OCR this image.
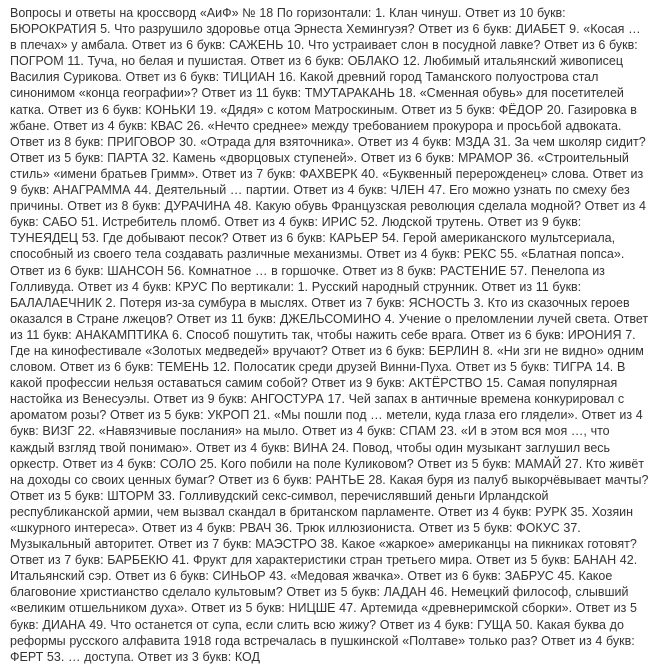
Вопросы и ответы на кроссворд «АиФ» № 18 По горизонтали: 1. Клан чинуш. Ответ из 10 букв: БЮРОКРАТИЯ 5. Что разрушило здоровье отца Эрнеста Хемингуэя? Ответ из 6 букв: ДИАБЕТ 9. «Косая … в плечах» у амбала. Ответ из 6 букв: САЖЕНЬ 10. Что устраивает слон в посудной лавке? Ответ из 6 букв: ПОГРОМ 11. Туча, но белая и пушистая. Ответ из 6 букв: ОБЛАКО 12. Любимый итальянский живописец Василия Сурикова. Ответ из 6 букв: ТИЦИАН 16. Какой древний город Таманского полуострова стал синонимом «конца географии»? Ответ из 11 букв: ТМУТАРАКАНЬ 18. «Сменная обувь» для посетителей катка. Ответ из 6 букв: КОНЬКИ 19. «Дядя» с котом Матроскиным. Ответ из 5 букв: ФЁДОР 20. Газировка в жбане. Ответ из 4 букв: КВАС 26. «Нечто среднее» между требованием прокурора и просьбой адвоката. Ответ из 8 букв: ПРИГОВОР 30. «Отрада для взяточника». Ответ из 4 букв: МЗДА 31. За чем школяр сидит? Ответ из 5 букв: ПАРТА 32. Камень «дворцовых ступеней». Ответ из 6 букв: МРАМОР 36. «Строительный стиль» «имени братьев Гримм». Ответ из 7 букв: ФАХВЕРК 40. «Буквенный перерожденец» слова. Ответ из 9 букв: АНАГРАММА 44. Деятельный … партии. Ответ из 4 букв: ЧЛЕН 47. Его можно узнать по смеху без причины. Ответ из 8 букв: ДУРАЧИНА 48. Какую обувь Французская революция сделала модной? Ответ из 4 букв: САБО 51. Истребитель пломб. Ответ из 4 букв: ИРИС 52. Людской трутень. Ответ из 9 букв: ТУНЕЯДЕЦ 53. Где добывают песок? Ответ из 6 букв: КАРЬЕР 54. Герой американского мультсериала, способный из своего тела создавать различные механизмы. Ответ из 4 букв: РЕКС 55. «Блатная попса». Ответ из 6 букв: ШАНСОН 56. Комнатное … в горшочке. Ответ из 8 букв: РАСТЕНИЕ 57. Пенелопа из Голливуда. Ответ из 4 букв: КРУС По вертикали: 1. Русский народный струнник. Ответ из 11 букв: БАЛАЛАЕЧНИК 2. Потеря из-за сумбура в мыслях. Ответ из 7 букв: ЯСНОСТЬ 3. Кто из сказочных героев оказался в Стране лжецов? Ответ из 11 букв: ДЖЕЛЬСОМИНО 4. Учение о преломлении лучей света. Ответ из 11 букв: АНАКАМПТИКА 6. Способ пошутить так, чтобы нажить себе врага. Ответ из 6 букв: ИРОНИЯ 7. Где на кинофестивале «Золотых медведей» вручают? Ответ из 6 букв: БЕРЛИН 8. «Ни зги не видно» одним словом. Ответ из 6 букв: ТЕМЕНЬ 12. Полосатик среди друзей Винни-Пуха. Ответ из 5 букв: ТИГРА 14. В какой профессии нельзя оставаться самим собой? Ответ из 9 букв: АКТЁРСТВО 15. Самая популярная настойка из Венесуэлы. Ответ из 9 букв: АНГОСТУРА 17. Чей запах в античные времена конкурировал с ароматом розы? Ответ из 5 букв: УКРОП 21. «Мы пошли под … метели, куда глаза его глядели». Ответ из 4 букв: ВИЗГ 22. «Навязчивые послания» на мыло. Ответ из 4 букв: СПАМ 23. «И в этом вся моя …, что каждый взгляд твой понимаю». Ответ из 4 букв: ВИНА 24. Повод, чтобы один музыкант заглушил весь оркестр. Ответ из 4 букв: СОЛО 25. Кого побили на поле Куликовом? Ответ из 5 букв: МАМАЙ 27. Кто живёт на доходы со своих ценных бумаг? Ответ из 6 букв: РАНТЬЕ 28. Какая буря из палуб выкорчёвывает мачты? Ответ из 5 букв: ШТОРМ 33. Голливудский секс-символ, перечислявший деньги Ирландской республиканской армии, чем вызвал скандал в британском парламенте. Ответ из 4 букв: РУРК 35. Хозяин «шкурного интереса». Ответ из 4 букв: РВАЧ 36. Трюк иллюзиониста. Ответ из 5 букв: ФОКУС 37. Музыкальный авторитет. Ответ из 7 букв: МАЭСТРО 38. Какое «жаркое» американцы на пикниках готовят? Ответ из 7 букв: БАРБЕКЮ 41. Фрукт для характеристики стран третьего мира. Ответ из 5 букв: БАНАН 42. Итальянский сэр. Ответ из 6 букв: СИНЬОР 43. «Медовая жвачка». Ответ из 6 букв: ЗАБРУС 45. Какое благовоние христианство сделало культовым? Ответ из 5 букв: ЛАДАН 46. Немецкий философ, слывший «великим отшельником духа». Ответ из 5 букв: НИЦШЕ 47. Артемида «древнеримской сборки». Ответ из 5 букв: ДИАНА 49. Что останется от супа, если слить всю жижу? Ответ из 4 букв: ГУЩА 50. Какая буква до реформы русского алфавита 1918 года встречалась в пушкинской «Полтаве» только раз? Ответ из 4 букв: ФЕРТ 53. … доступа. Ответ из 3 букв: КОД
